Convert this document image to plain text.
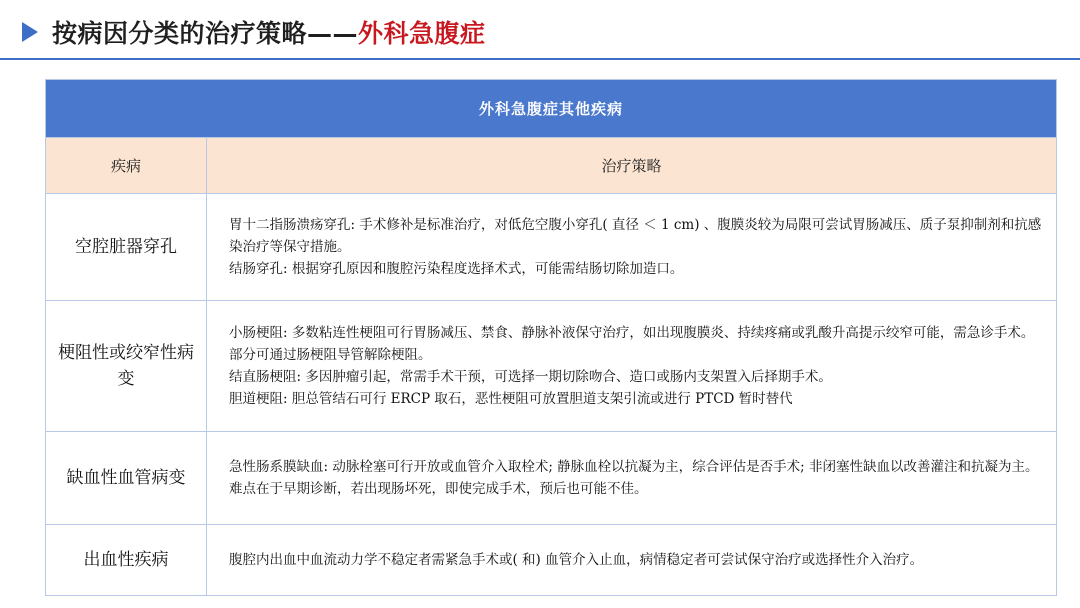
按病因分类的治疗策略——外科急腹症
外科急腹症其他疾病	
疾病	治疗策略
空腔脏器穿孔	胃十二指肠溃疡穿孔: 手术修补是标准治疗，对低危空腹小穿孔( 直径 ＜ 1 cm) 、腹膜炎较为局限可尝试胃肠减压、质子泵抑制剂和抗感染治疗等保守措施。
结肠穿孔: 根据穿孔原因和腹腔污染程度选择术式，可能需结肠切除加造口。

梗阻性或绞窄性病变	小肠梗阻: 多数粘连性梗阻可行胃肠减压、禁食、静脉补液保守治疗，如出现腹膜炎、持续疼痛或乳酸升高提示绞窄可能，需急诊手术。部分可通过肠梗阻导管解除梗阻。
结直肠梗阻: 多因肿瘤引起，常需手术干预，可选择一期切除吻合、造口或肠内支架置入后择期手术。
胆道梗阻: 胆总管结石可行 ERCP 取石，恶性梗阻可放置胆道支架引流或进行 PTCD 暂时替代

缺血性血管病变	急性肠系膜缺血: 动脉栓塞可行开放或血管介入取栓术; 静脉血栓以抗凝为主，综合评估是否手术; 非闭塞性缺血以改善灌注和抗凝为主。难点在于早期诊断，若出现肠坏死，即使完成手术，预后也可能不佳。

出血性疾病	腹腔内出血中血流动力学不稳定者需紧急手术或( 和) 血管介入止血，病情稳定者可尝试保守治疗或选择性介入治疗。
